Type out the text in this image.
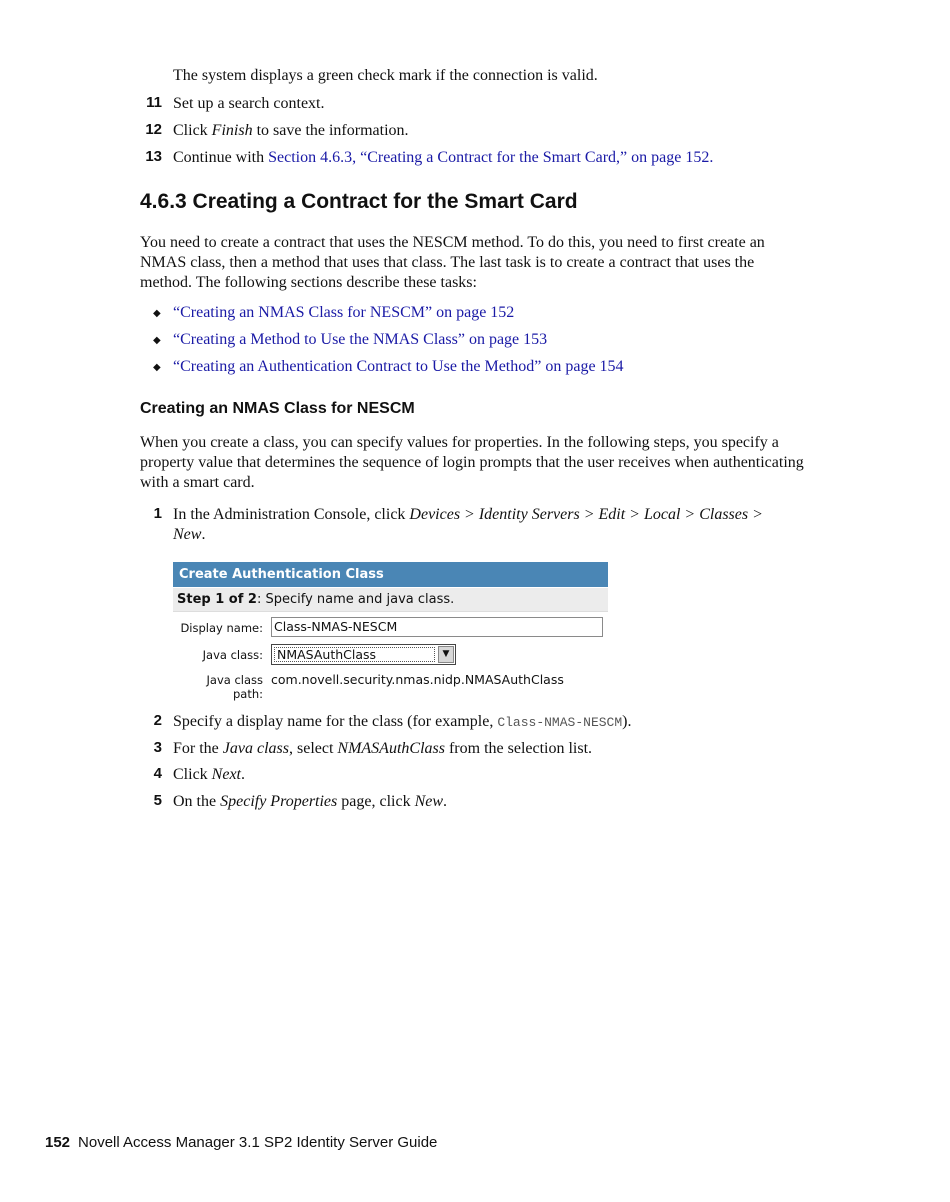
The system displays a green check mark if the connection is valid.
11 Set up a search context.
12 Click Finish to save the information.
13 Continue with Section 4.6.3, “Creating a Contract for the Smart Card,” on page 152.
4.6.3 Creating a Contract for the Smart Card
You need to create a contract that uses the NESCM method. To do this, you need to first create an NMAS class, then a method that uses that class. The last task is to create a contract that uses the method. The following sections describe these tasks:
◆ “Creating an NMAS Class for NESCM” on page 152
◆ “Creating a Method to Use the NMAS Class” on page 153
◆ “Creating an Authentication Contract to Use the Method” on page 154
Creating an NMAS Class for NESCM
When you create a class, you can specify values for properties. In the following steps, you specify a property value that determines the sequence of login prompts that the user receives when authenticating with a smart card.
1 In the Administration Console, click Devices > Identity Servers > Edit > Local > Classes > New.
Create Authentication Class
Step 1 of 2: Specify name and java class.
Display name: Class-NMAS-NESCM
Java class: NMASAuthClass	▼
Java class path:
com.novell.security.nmas.nidp.NMASAuthClass
2 Specify a display name for the class (for example, Class-NMAS-NESCM).
3 For the Java class, select NMASAuthClass from the selection list.
4 Click Next.
5 On the Specify Properties page, click New.
152 Novell Access Manager 3.1 SP2 Identity Server Guide
